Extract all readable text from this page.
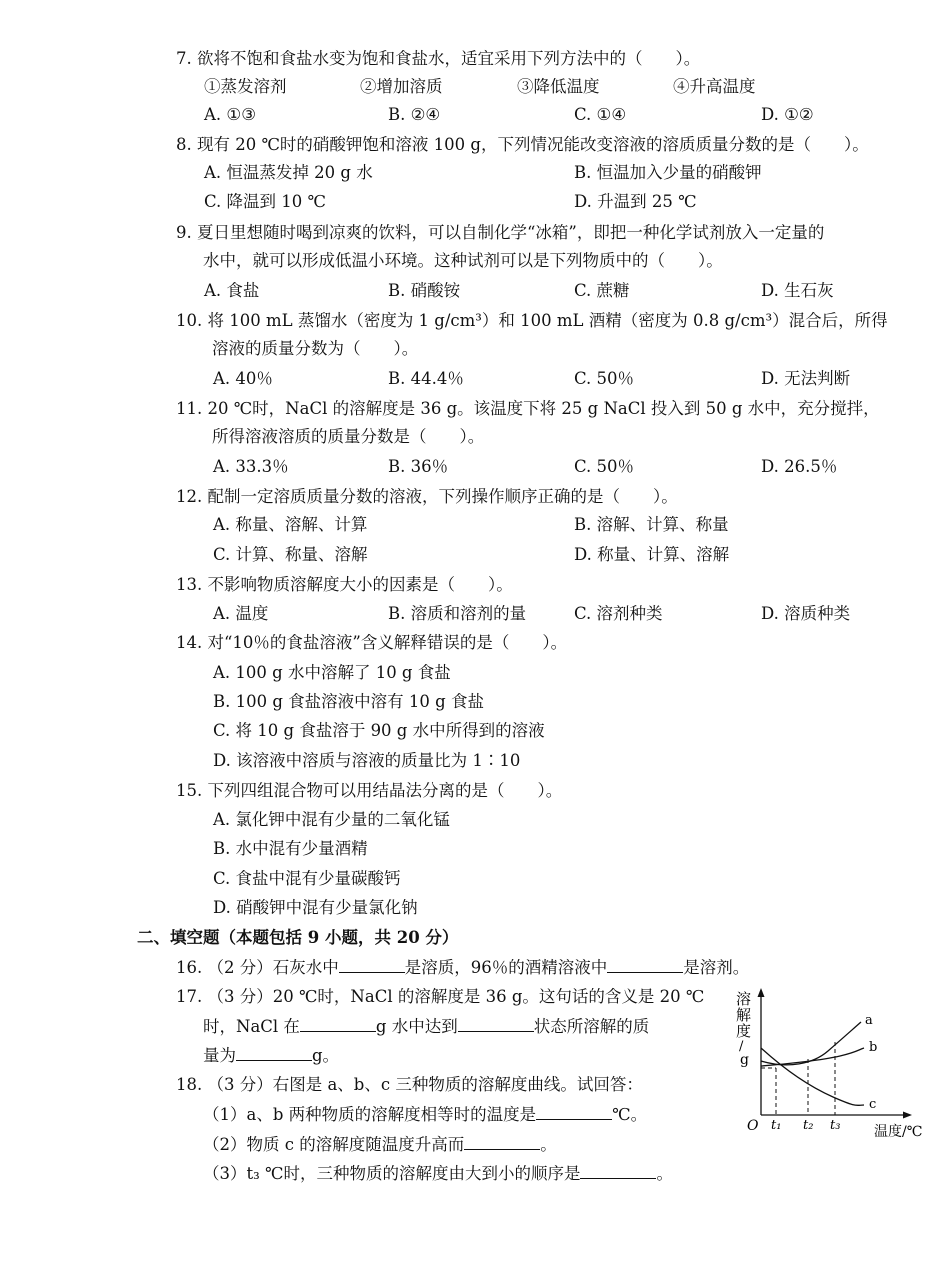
7. 欲将不饱和食盐水变为饱和食盐水，适宜采用下列方法中的（　　）。
①蒸发溶剂	②增加溶质	③降低温度	④升高温度
A. ①③	B. ②④	C. ①④	D. ①②
8. 现有 20 ℃时的硝酸钾饱和溶液 100 g，下列情况能改变溶液的溶质质量分数的是（　　）。
A. 恒温蒸发掉 20 g 水	B. 恒温加入少量的硝酸钾
C. 降温到 10 ℃	D. 升温到 25 ℃
9. 夏日里想随时喝到凉爽的饮料，可以自制化学“冰箱”，即把一种化学试剂放入一定量的
水中，就可以形成低温小环境。这种试剂可以是下列物质中的（　　）。
A. 食盐	B. 硝酸铵	C. 蔗糖	D. 生石灰
10. 将 100 mL 蒸馏水（密度为 1 g/cm³）和 100 mL 酒精（密度为 0.8 g/cm³）混合后，所得
溶液的质量分数为（　　）。
A. 40％	B. 44.4％	C. 50％	D. 无法判断
11. 20 ℃时，NaCl 的溶解度是 36 g。该温度下将 25 g NaCl 投入到 50 g 水中，充分搅拌，
所得溶液溶质的质量分数是（　　）。
A. 33.3％	B. 36％	C. 50％	D. 26.5％
12. 配制一定溶质质量分数的溶液，下列操作顺序正确的是（　　）。
A. 称量、溶解、计算	B. 溶解、计算、称量
C. 计算、称量、溶解	D. 称量、计算、溶解
13. 不影响物质溶解度大小的因素是（　　）。
A. 温度	B. 溶质和溶剂的量	C. 溶剂种类	D. 溶质种类
14. 对“10％的食盐溶液”含义解释错误的是（　　）。
A. 100 g 水中溶解了 10 g 食盐
B. 100 g 食盐溶液中溶有 10 g 食盐
C. 将 10 g 食盐溶于 90 g 水中所得到的溶液
D. 该溶液中溶质与溶液的质量比为 1∶10
15. 下列四组混合物可以用结晶法分离的是（　　）。
A. 氯化钾中混有少量的二氧化锰
B. 水中混有少量酒精
C. 食盐中混有少量碳酸钙
D. 硝酸钾中混有少量氯化钠
二、填空题（本题包括 9 小题，共 20 分）
16. （2 分）石灰水中	是溶质，96％的酒精溶液中	是溶剂。
17. （3 分）20 ℃时，NaCl 的溶解度是 36 g。这句话的含义是 20 ℃
时，NaCl 在	g 水中达到	状态所溶解的质
量为	g。
18. （3 分）右图是 a、b、c 三种物质的溶解度曲线。试回答：
（1）a、b 两种物质的溶解度相等时的温度是	℃。
（2）物质 c 的溶解度随温度升高而	。
（3）t₃ ℃时，三种物质的溶解度由大到小的顺序是	。
溶
解
度
/
g
a
b
c
O t₁ t₂ t₃ 温度/℃
